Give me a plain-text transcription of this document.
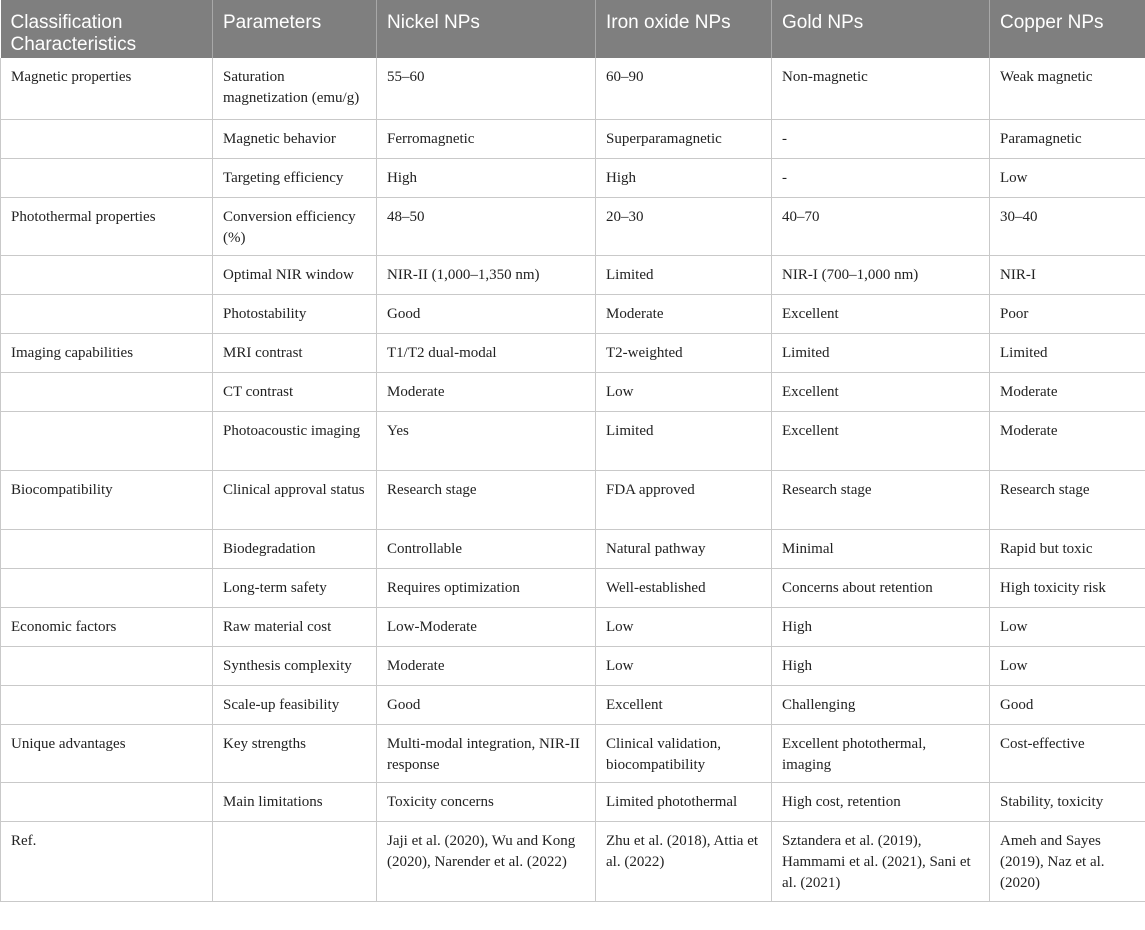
Classification Characteristics	Parameters	Nickel NPs	Iron oxide NPs	Gold NPs	Copper NPs
Magnetic properties	Saturation magnetization (emu/g)	55–60	60–90	Non-magnetic	Weak magnetic
	Magnetic behavior	Ferromagnetic	Superparamagnetic	-	Paramagnetic
	Targeting efficiency	High	High	-	Low
Photothermal properties	Conversion efficiency (%)	48–50	20–30	40–70	30–40
	Optimal NIR window	NIR-II (1,000–1,350 nm)	Limited	NIR-I (700–1,000 nm)	NIR-I
	Photostability	Good	Moderate	Excellent	Poor
Imaging capabilities	MRI contrast	T1/T2 dual-modal	T2-weighted	Limited	Limited
	CT contrast	Moderate	Low	Excellent	Moderate
	Photoacoustic imaging	Yes	Limited	Excellent	Moderate
Biocompatibility	Clinical approval status	Research stage	FDA approved	Research stage	Research stage
	Biodegradation	Controllable	Natural pathway	Minimal	Rapid but toxic
	Long-term safety	Requires optimization	Well-established	Concerns about retention	High toxicity risk
Economic factors	Raw material cost	Low-Moderate	Low	High	Low
	Synthesis complexity	Moderate	Low	High	Low
	Scale-up feasibility	Good	Excellent	Challenging	Good
Unique advantages	Key strengths	Multi-modal integration, NIR-II response	Clinical validation, biocompatibility	Excellent photothermal, imaging	Cost-effective
	Main limitations	Toxicity concerns	Limited photothermal	High cost, retention	Stability, toxicity
Ref.		Jaji et al. (2020), Wu and Kong (2020), Narender et al. (2022)	Zhu et al. (2018), Attia et al. (2022)	Sztandera et al. (2019), Hammami et al. (2021), Sani et al. (2021)	Ameh and Sayes (2019), Naz et al. (2020)
